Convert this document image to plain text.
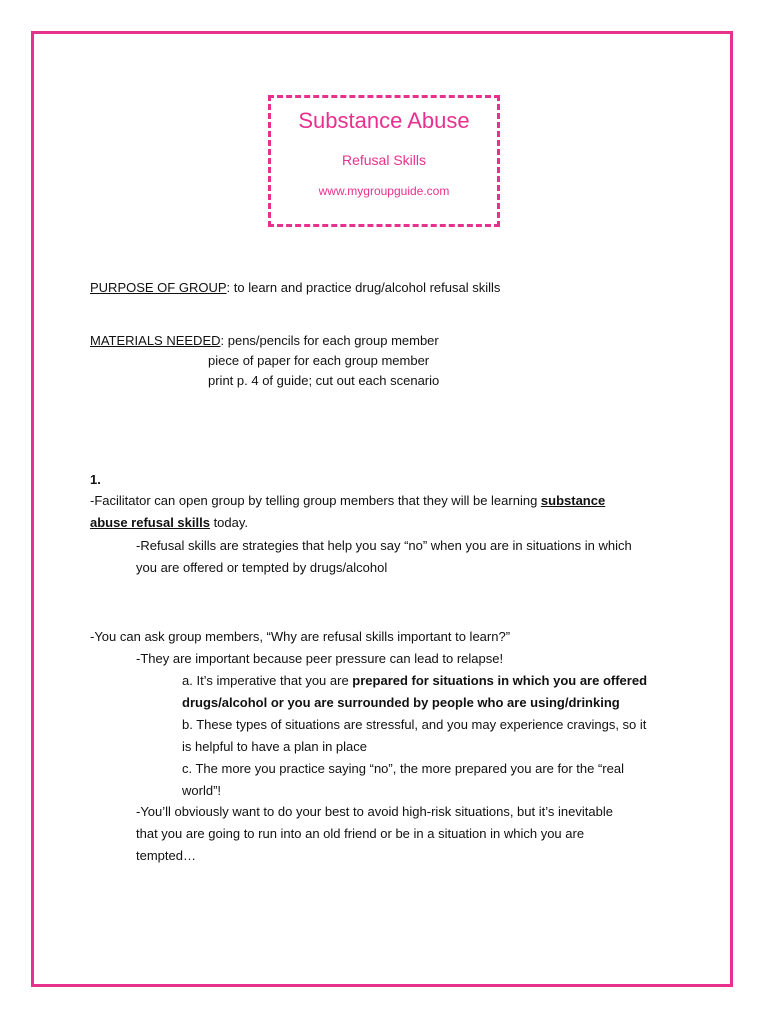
Substance Abuse
Refusal Skills
www.mygroupguide.com
PURPOSE OF GROUP: to learn and practice drug/alcohol refusal skills
MATERIALS NEEDED: pens/pencils for each group member
piece of paper for each group member
print p. 4 of guide; cut out each scenario
1.
-Facilitator can open group by telling group members that they will be learning substance
abuse refusal skills today.
-Refusal skills are strategies that help you say “no” when you are in situations in which
you are offered or tempted by drugs/alcohol
-You can ask group members, “Why are refusal skills important to learn?”
-They are important because peer pressure can lead to relapse!
a. It’s imperative that you are prepared for situations in which you are offered
drugs/alcohol or you are surrounded by people who are using/drinking
b. These types of situations are stressful, and you may experience cravings, so it
is helpful to have a plan in place
c. The more you practice saying “no”, the more prepared you are for the “real
world”!
-You’ll obviously want to do your best to avoid high-risk situations, but it’s inevitable
that you are going to run into an old friend or be in a situation in which you are
tempted…
